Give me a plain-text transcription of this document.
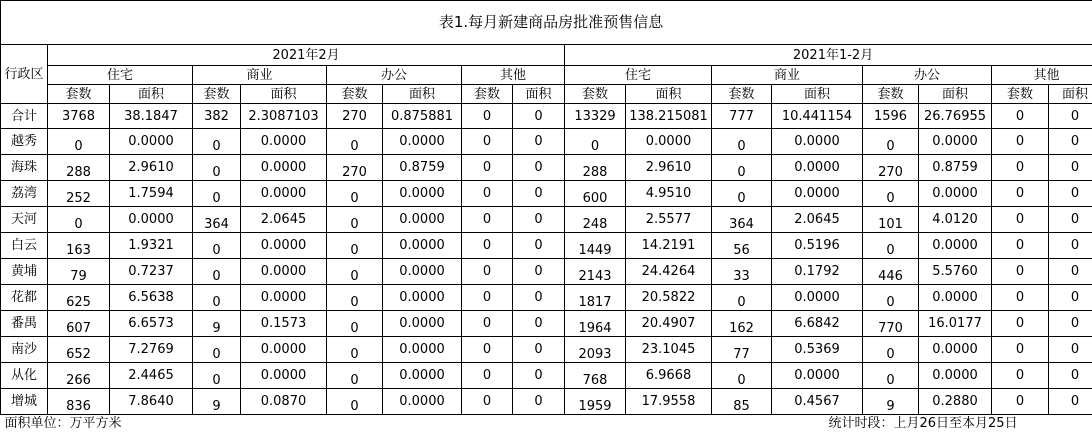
表1.每月新建商品房批准预售信息																
行政区	2021年2月								2021年1-2月							
	住宅		商业		办公		其他		住宅		商业		办公		其他	
	套数	面积	套数	面积	套数	面积	套数	面积	套数	面积	套数	面积	套数	面积	套数	面积
合计	3768	38.1847	382	2.3087103	270	0.875881	0	0	13329	138.215081	777	10.441154	1596	26.76955	0	0
越秀	0	0.0000	0	0.0000	0	0.0000	0	0	0	0.0000	0	0.0000	0	0.0000	0	0
海珠	288	2.9610	0	0.0000	270	0.8759	0	0	288	2.9610	0	0.0000	270	0.8759	0	0
荔湾	252	1.7594	0	0.0000	0	0.0000	0	0	600	4.9510	0	0.0000	0	0.0000	0	0
天河	0	0.0000	364	2.0645	0	0.0000	0	0	248	2.5577	364	2.0645	101	4.0120	0	0
白云	163	1.9321	0	0.0000	0	0.0000	0	0	1449	14.2191	56	0.5196	0	0.0000	0	0
黄埔	79	0.7237	0	0.0000	0	0.0000	0	0	2143	24.4264	33	0.1792	446	5.5760	0	0
花都	625	6.5638	0	0.0000	0	0.0000	0	0	1817	20.5822	0	0.0000	0	0.0000	0	0
番禺	607	6.6573	9	0.1573	0	0.0000	0	0	1964	20.4907	162	6.6842	770	16.0177	0	0
南沙	652	7.2769	0	0.0000	0	0.0000	0	0	2093	23.1045	77	0.5369	0	0.0000	0	0
从化	266	2.4465	0	0.0000	0	0.0000	0	0	768	6.9668	0	0.0000	0	0.0000	0	0
增城	836	7.8640	9	0.0870	0	0.0000	0	0	1959	17.9558	85	0.4567	9	0.2880	0	0
面积单位：万平方米						统计时段：上月26日至本月25日										
